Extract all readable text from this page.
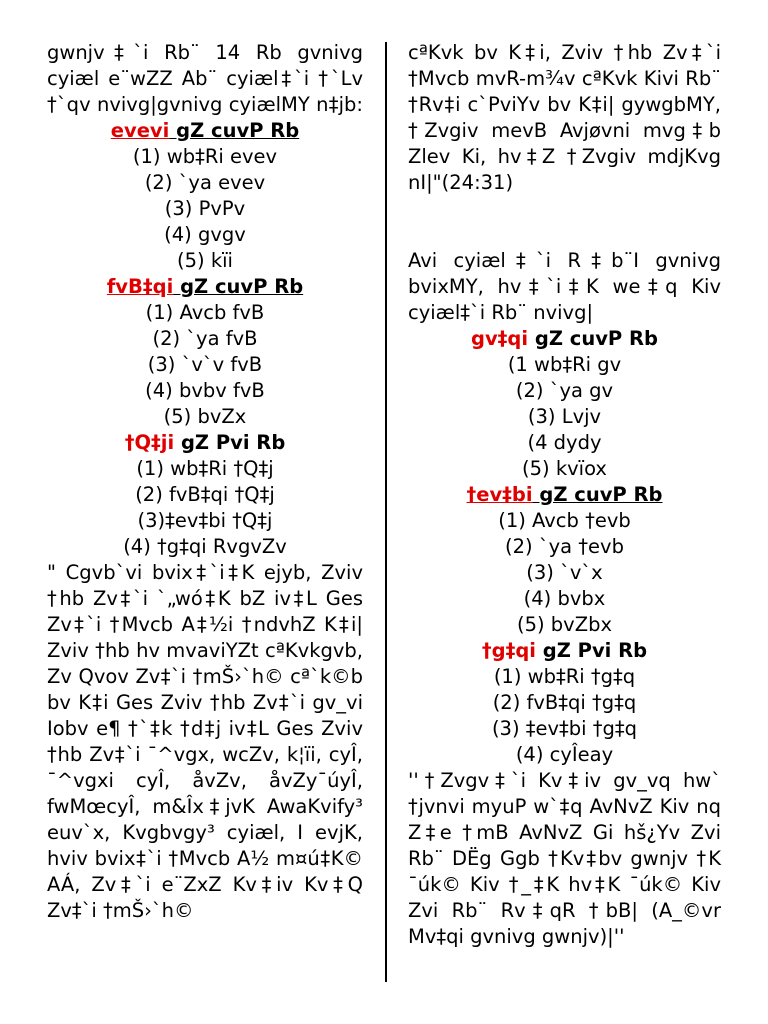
gwnjv‡`i Rb¨ 14 Rb gvnivg cyiæl e¨wZZ Ab¨ cyiæl‡`i †`Lv †`qv nvivg|gvnivg cyiælMY n‡jb:

evevi gZ cuvP Rb

(1) wb‡Ri evev

(2) `ya evev

(3) PvPv

(4) gvgv

(5) kïi

fvB‡qi gZ cuvP Rb

(1) Avcb fvB

(2) `ya fvB

(3) `v`v fvB

(4) bvbv fvB

(5) bvZx

†Q‡ji gZ Pvi Rb

(1) wb‡Ri †Q‡j

(2) fvB‡qi †Q‡j

(3)‡ev‡bi †Q‡j

(4) †g‡qi RvgvZv

" Cgvb`vi bvix‡`i‡K ejyb, Zviv †hb Zv‡`i `„wó‡K bZ iv‡L Ges Zv‡`i †Mvcb A‡½i †ndvhZ K‡i| Zviv †hb hv mvaviYZt cªKvkgvb, Zv Qvov Zv‡`i †mŠ›`h© cª`k©b bv K‡i Ges Zviv †hb Zv‡`i gv_vi Iobv e¶ †`‡k †d‡j iv‡L Ges Zviv †hb Zv‡`i ¯^vgx, wcZv, k¦ïi, cyÎ, ¯^vgxi cyÎ, åvZv, åvZy¯úyÎ, fwMœcyÎ, m&Îx‡jvK AwaKvify³ euv`x, Kvgbvgy³ cyiæl, I evjK, hviv bvix‡`i †Mvcb A½ m¤ú‡K© AÁ, Zv‡`i e¨ZxZ Kv‡iv Kv‡Q Zv‡`i †mŠ›`h©

cªKvk bv K‡i, Zviv †hb Zv‡`i †Mvcb mvR-m¾v cªKvk Kivi Rb¨ †Rv‡i c`PviYv bv K‡i| gywgbMY, †Zvgiv mevB Avjøvni mvg‡b Zlev Ki, hv‡Z †Zvgiv mdjKvg nI|"(24:31)

Avi cyiæl‡`i R‡b¨I gvnivg bvixMY, hv‡`i‡K we‡q Kiv cyiæl‡`i Rb¨ nvivg|

gv‡qi gZ cuvP Rb

(1 wb‡Ri gv

(2) `ya gv

(3) Lvjv

(4 dydy

(5) kvïox

†ev‡bi gZ cuvP Rb

(1) Avcb †evb

(2) `ya †evb

(3) `v`x

(4) bvbx

(5) bvZbx

†g‡qi gZ Pvi Rb

(1) wb‡Ri †g‡q

(2) fvB‡qi †g‡q

(3) ‡ev‡bi †g‡q

(4) cyÎeay

''†Zvgv‡`i Kv‡iv gv_vq hw` †jvnvi myuP w`‡q AvNvZ Kiv nq Z‡e †mB AvNvZ Gi hš¿Yv Zvi Rb¨ DËg Ggb †Kv‡bv gwnjv †K ¯úk© Kiv †_‡K hv‡K ¯úk© Kiv Zvi Rb¨ Rv‡qR †bB| (A_©vr Mv‡qi gvnivg gwnjv)|''
